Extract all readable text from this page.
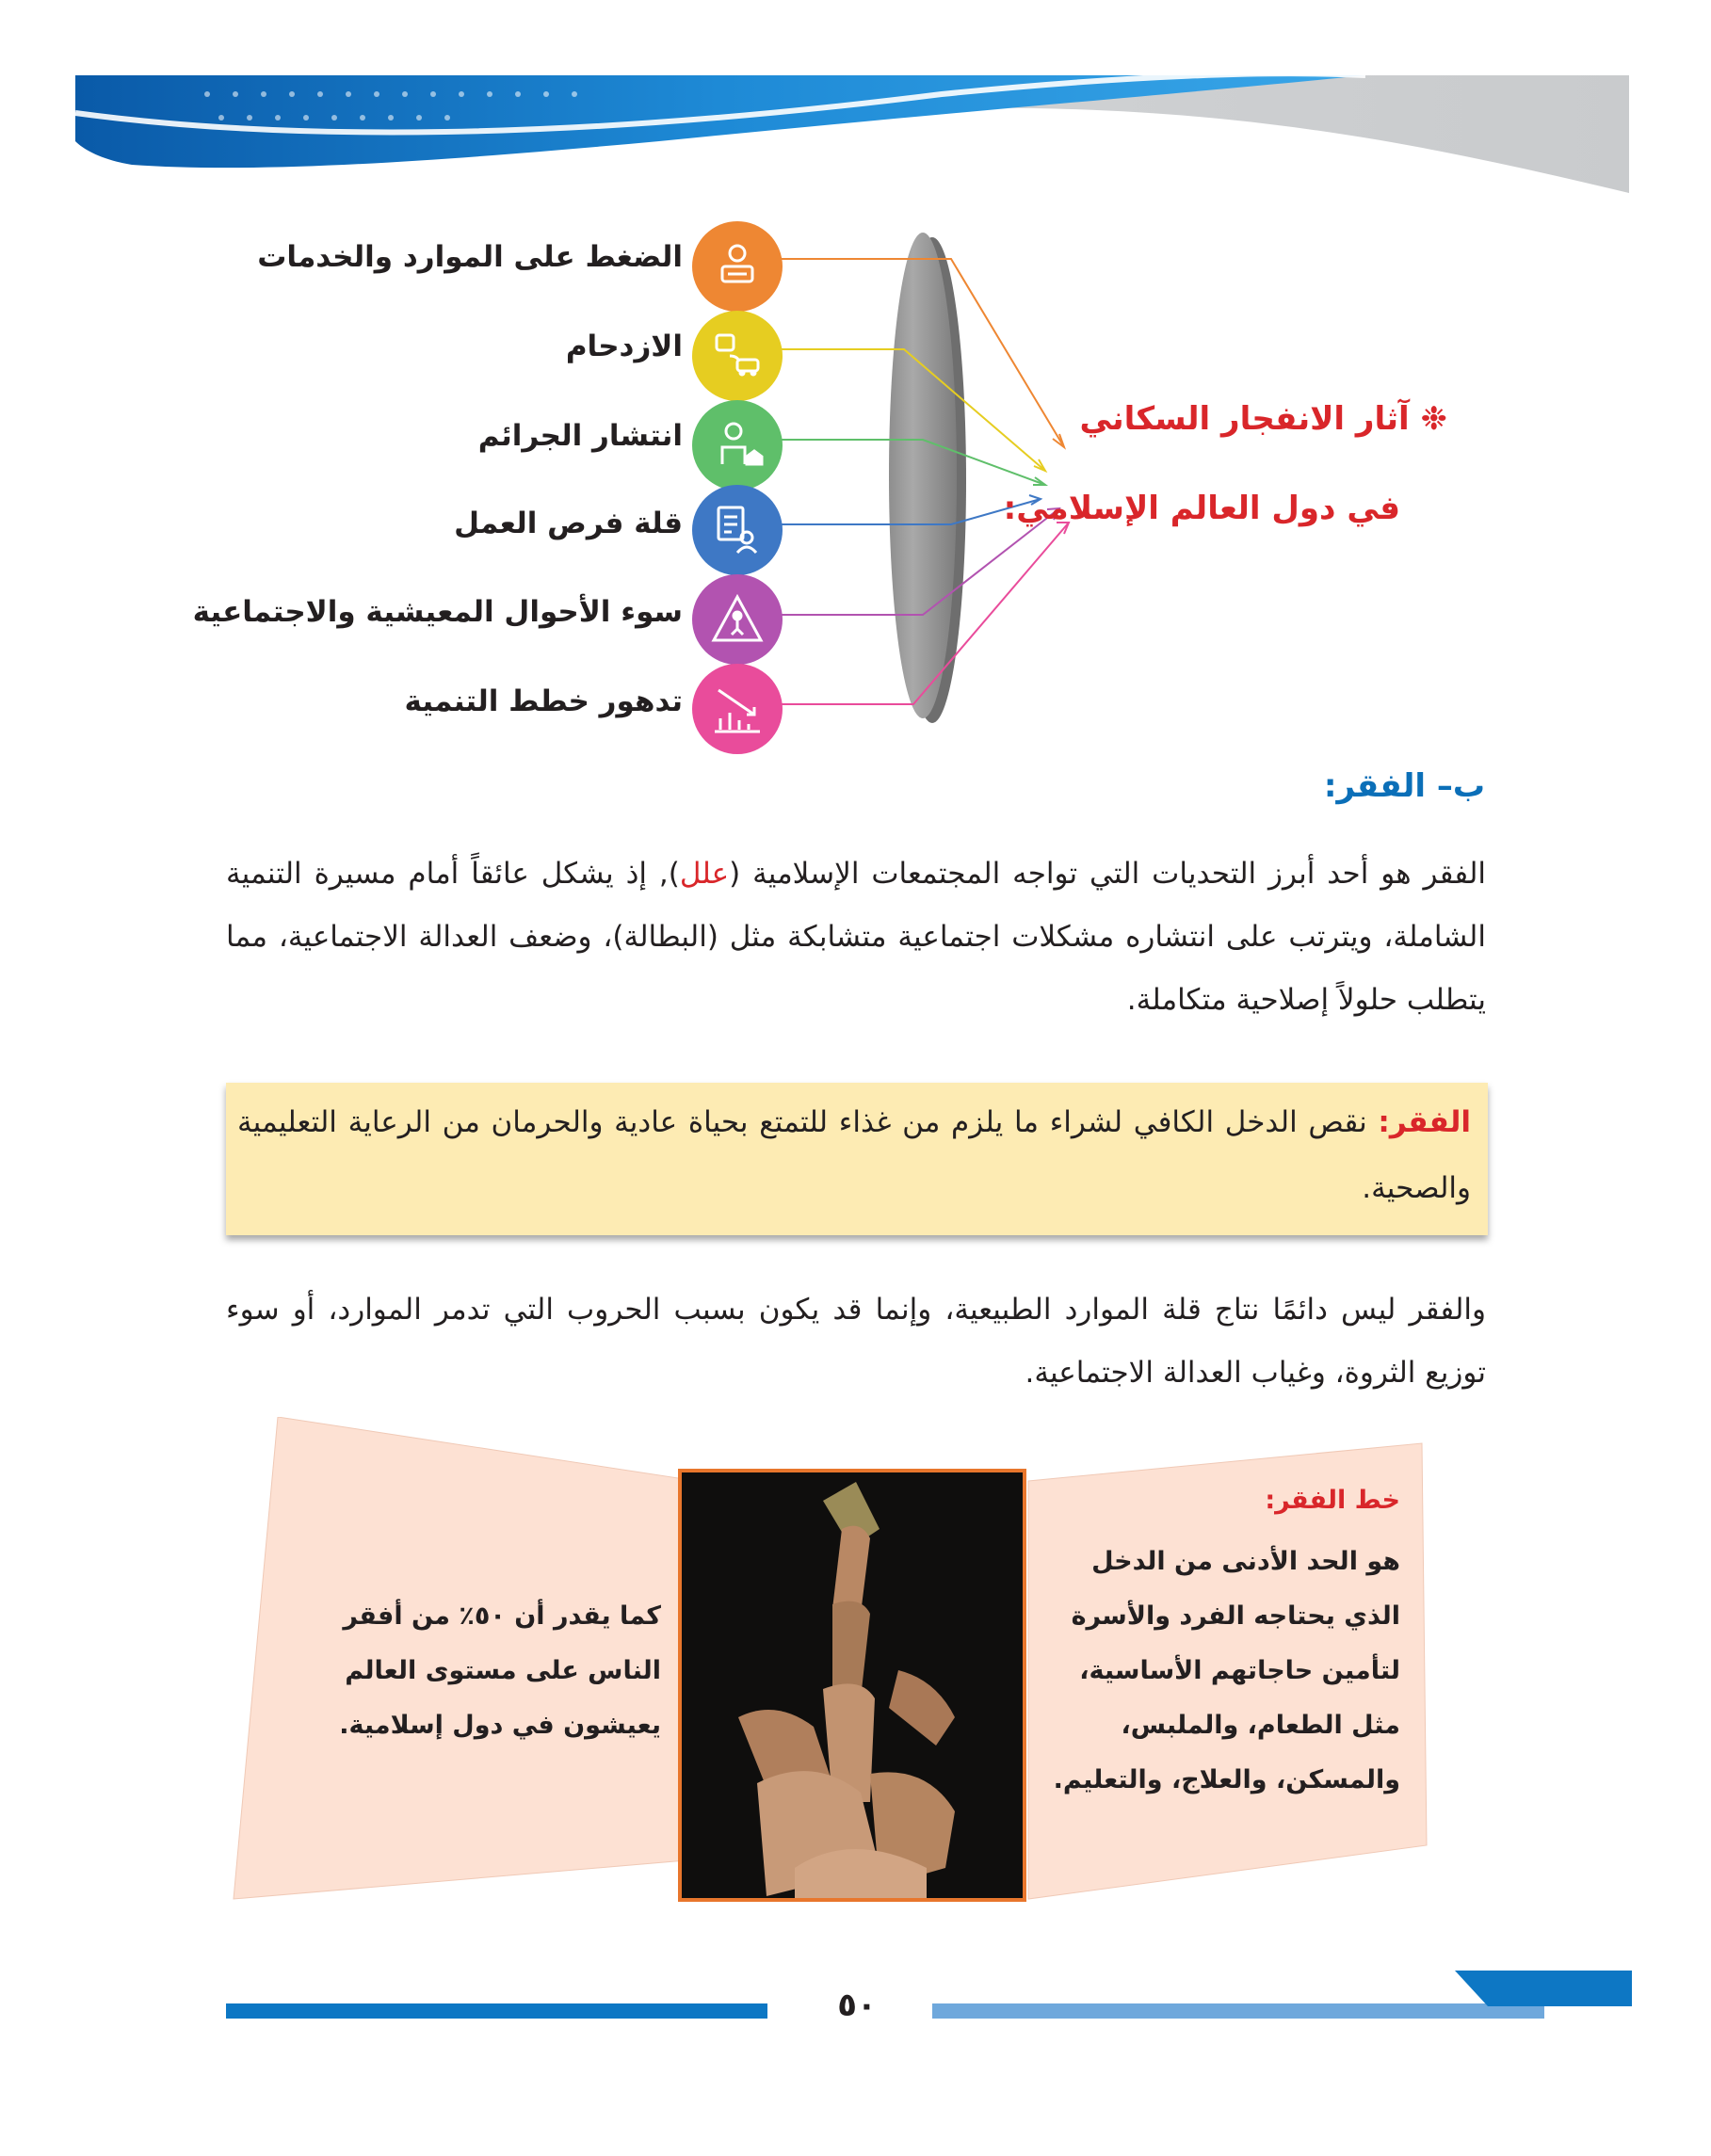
الضغط على الموارد والخدمات
الازدحام
انتشار الجرائم
قلة فرص العمل
سوء الأحوال المعيشية والاجتماعية
تدهور خطط التنمية
❉ آثار الانفجار السكاني
في دول العالم الإسلامي:
ب– الفقر:
الفقر هو أحد أبرز التحديات التي تواجه المجتمعات الإسلامية (علل), إذ يشكل عائقاً أمام مسيرة التنمية الشاملة، ويترتب على انتشاره مشكلات اجتماعية متشابكة مثل (البطالة)، وضعف العدالة الاجتماعية، مما يتطلب حلولاً إصلاحية متكاملة.
الفقر: نقص الدخل الكافي لشراء ما يلزم من غذاء للتمتع بحياة عادية والحرمان من الرعاية التعليمية والصحية.
والفقر ليس دائمًا نتاج قلة الموارد الطبيعية، وإنما قد يكون بسبب الحروب التي تدمر الموارد، أو سوء توزيع الثروة، وغياب العدالة الاجتماعية.
خط الفقر:
هو الحد الأدنى من الدخل
الذي يحتاجه الفرد والأسرة
لتأمين حاجاتهم الأساسية،
مثل الطعام، والملبس،
والمسكن، والعلاج، والتعليم.
كما يقدر أن ٥٠٪ من أفقر
الناس على مستوى العالم
يعيشون في دول إسلامية.
٥٠
